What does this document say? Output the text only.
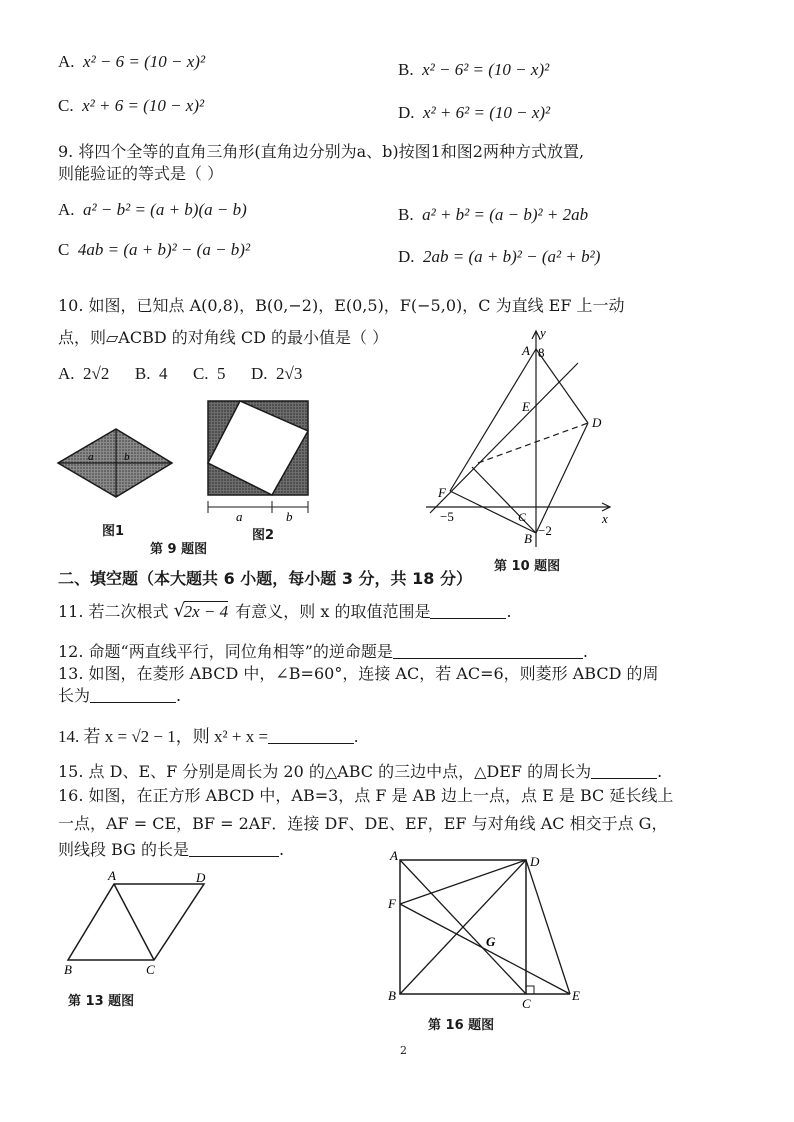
A. x² − 6 = (10 − x)²	B. x² − 6² = (10 − x)²
C. x² + 6 = (10 − x)²	D. x² + 6² = (10 − x)²
9. 将四个全等的直角三角形(直角边分别为a、b)按图1和图2两种方式放置,
则能验证的等式是（ ）
A. a² − b² = (a + b)(a − b)	B. a² + b² = (a − b)² + 2ab
C 4ab = (a + b)² − (a − b)²	D. 2ab = (a + b)² − (a² + b²)
10. 如图，已知点 A(0,8)，B(0,−2)，E(0,5)，F(−5,0)，C 为直线 EF 上一动
点，则▱ACBD 的对角线 CD 的最小值是（ ）
A.  2√2      B.  4      C.  5      D.  2√3
a	b
图1
a	b
图2
第 9 题图
y
x
A 8
E
D
F
−5	C
B
−2
第 10 题图
二、填空题（本大题共 6 小题，每小题 3 分，共 18 分）
11. 若二次根式 √
2x − 4 有意义，则 x 的取值范围是	.
12. 命题“两直线平行，同位角相等”的逆命题是	.
13. 如图，在菱形 ABCD 中，∠B=60°，连接 AC，若 AC=6，则菱形 ABCD 的周
长为	.
14. 若 x = √2 − 1，则 x² + x =	.
15. 点 D、E、F 分别是周长为 20 的△ABC 的三边中点，△DEF 的周长为	.
16. 如图，在正方形 ABCD 中，AB=3，点 F 是 AB 边上一点，点 E 是 BC 延长线上
一点，AF = CE，BF = 2AF．连接 DF、DE、EF，EF 与对角线 AC 相交于点 G，
则线段 BG 的长是	.
A	D
B	C
第 13 题图
A	D
F
G
B
C
E
第 16 题图
2
